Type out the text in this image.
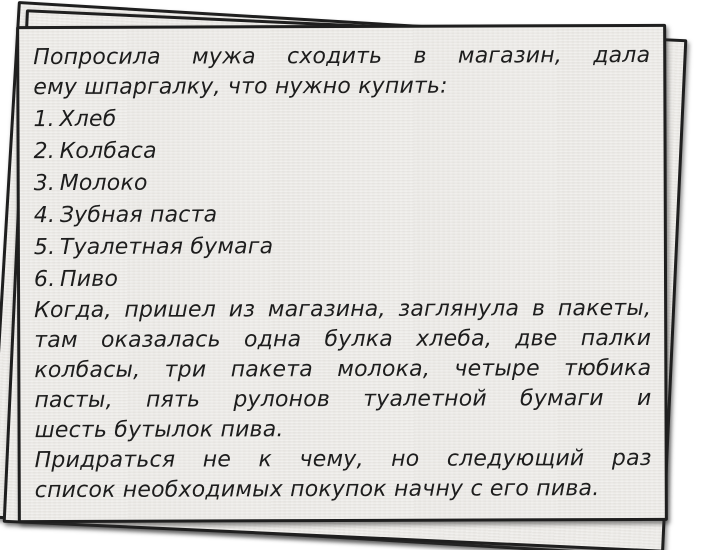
Попросила мужа сходить в магазин, дала
ему шпаргалку, что нужно купить:
1. Хлеб
2. Колбаса
3. Молоко
4. Зубная паста
5. Туалетная бумага
6. Пиво
Когда, пришел из магазина, заглянула в пакеты,
там оказалась одна булка хлеба, две палки
колбасы, три пакета молока, четыре тюбика
пасты, пять рулонов туалетной бумаги и
шесть бутылок пива.
Придраться не к чему, но следующий раз
список необходимых покупок начну с его пива.
